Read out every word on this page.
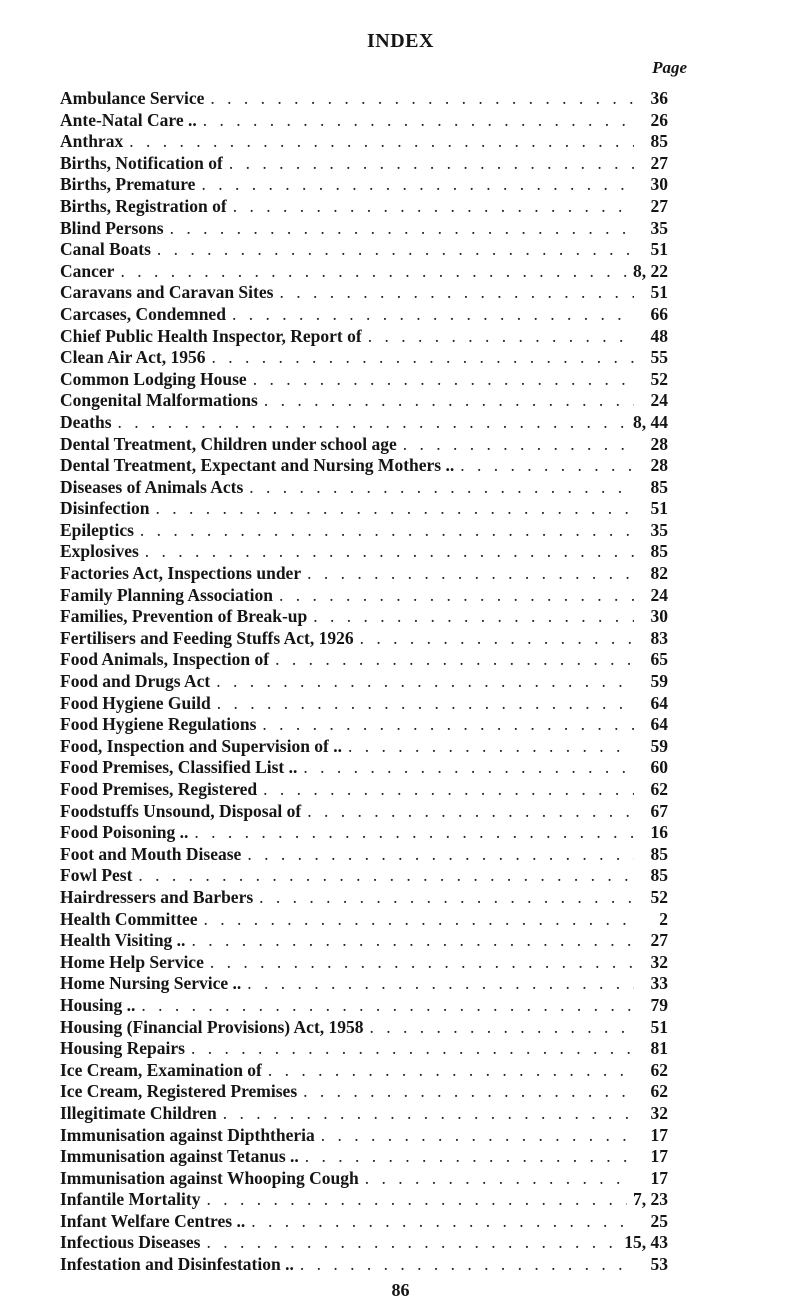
INDEX
Page
Ambulance Service . . .	36
Ante-Natal Care .. . . .	26
Anthrax . . .	85
Births, Notification of . . .	27
Births, Premature . . .	30
Births, Registration of . . .	27
Blind Persons . . .	35
Canal Boats . . .	51
Cancer . . .	8, 22
Caravans and Caravan Sites . . .	51
Carcases, Condemned . . .	66
Chief Public Health Inspector, Report of . . .	48
Clean Air Act, 1956 . . .	55
Common Lodging House . . .	52
Congenital Malformations . . .	24
Deaths . . .	8, 44
Dental Treatment, Children under school age . . .	28
Dental Treatment, Expectant and Nursing Mothers .. . . .	28
Diseases of Animals Acts . . .	85
Disinfection . . .	51
Epileptics . . .	35
Explosives . . .	85
Factories Act, Inspections under . . .	82
Family Planning Association . . .	24
Families, Prevention of Break-up . . .	30
Fertilisers and Feeding Stuffs Act, 1926 . . .	83
Food Animals, Inspection of . . .	65
Food and Drugs Act . . .	59
Food Hygiene Guild . . .	64
Food Hygiene Regulations . . .	64
Food, Inspection and Supervision of .. . . .	59
Food Premises, Classified List .. . . .	60
Food Premises, Registered . . .	62
Foodstuffs Unsound, Disposal of . . .	67
Food Poisoning .. . . .	16
Foot and Mouth Disease . . .	85
Fowl Pest . . .	85
Hairdressers and Barbers . . .	52
Health Committee . . .	2
Health Visiting .. . . .	27
Home Help Service . . .	32
Home Nursing Service .. . . .	33
Housing .. . . .	79
Housing (Financial Provisions) Act, 1958 . . .	51
Housing Repairs . . .	81
Ice Cream, Examination of . . .	62
Ice Cream, Registered Premises . . .	62
Illegitimate Children . . .	32
Immunisation against Dipththeria . . .	17
Immunisation against Tetanus .. . . .	17
Immunisation against Whooping Cough . . .	17
Infantile Mortality . . .	7, 23
Infant Welfare Centres .. . . .	25
Infectious Diseases . . .	15, 43
Infestation and Disinfestation .. . . .	53
86
